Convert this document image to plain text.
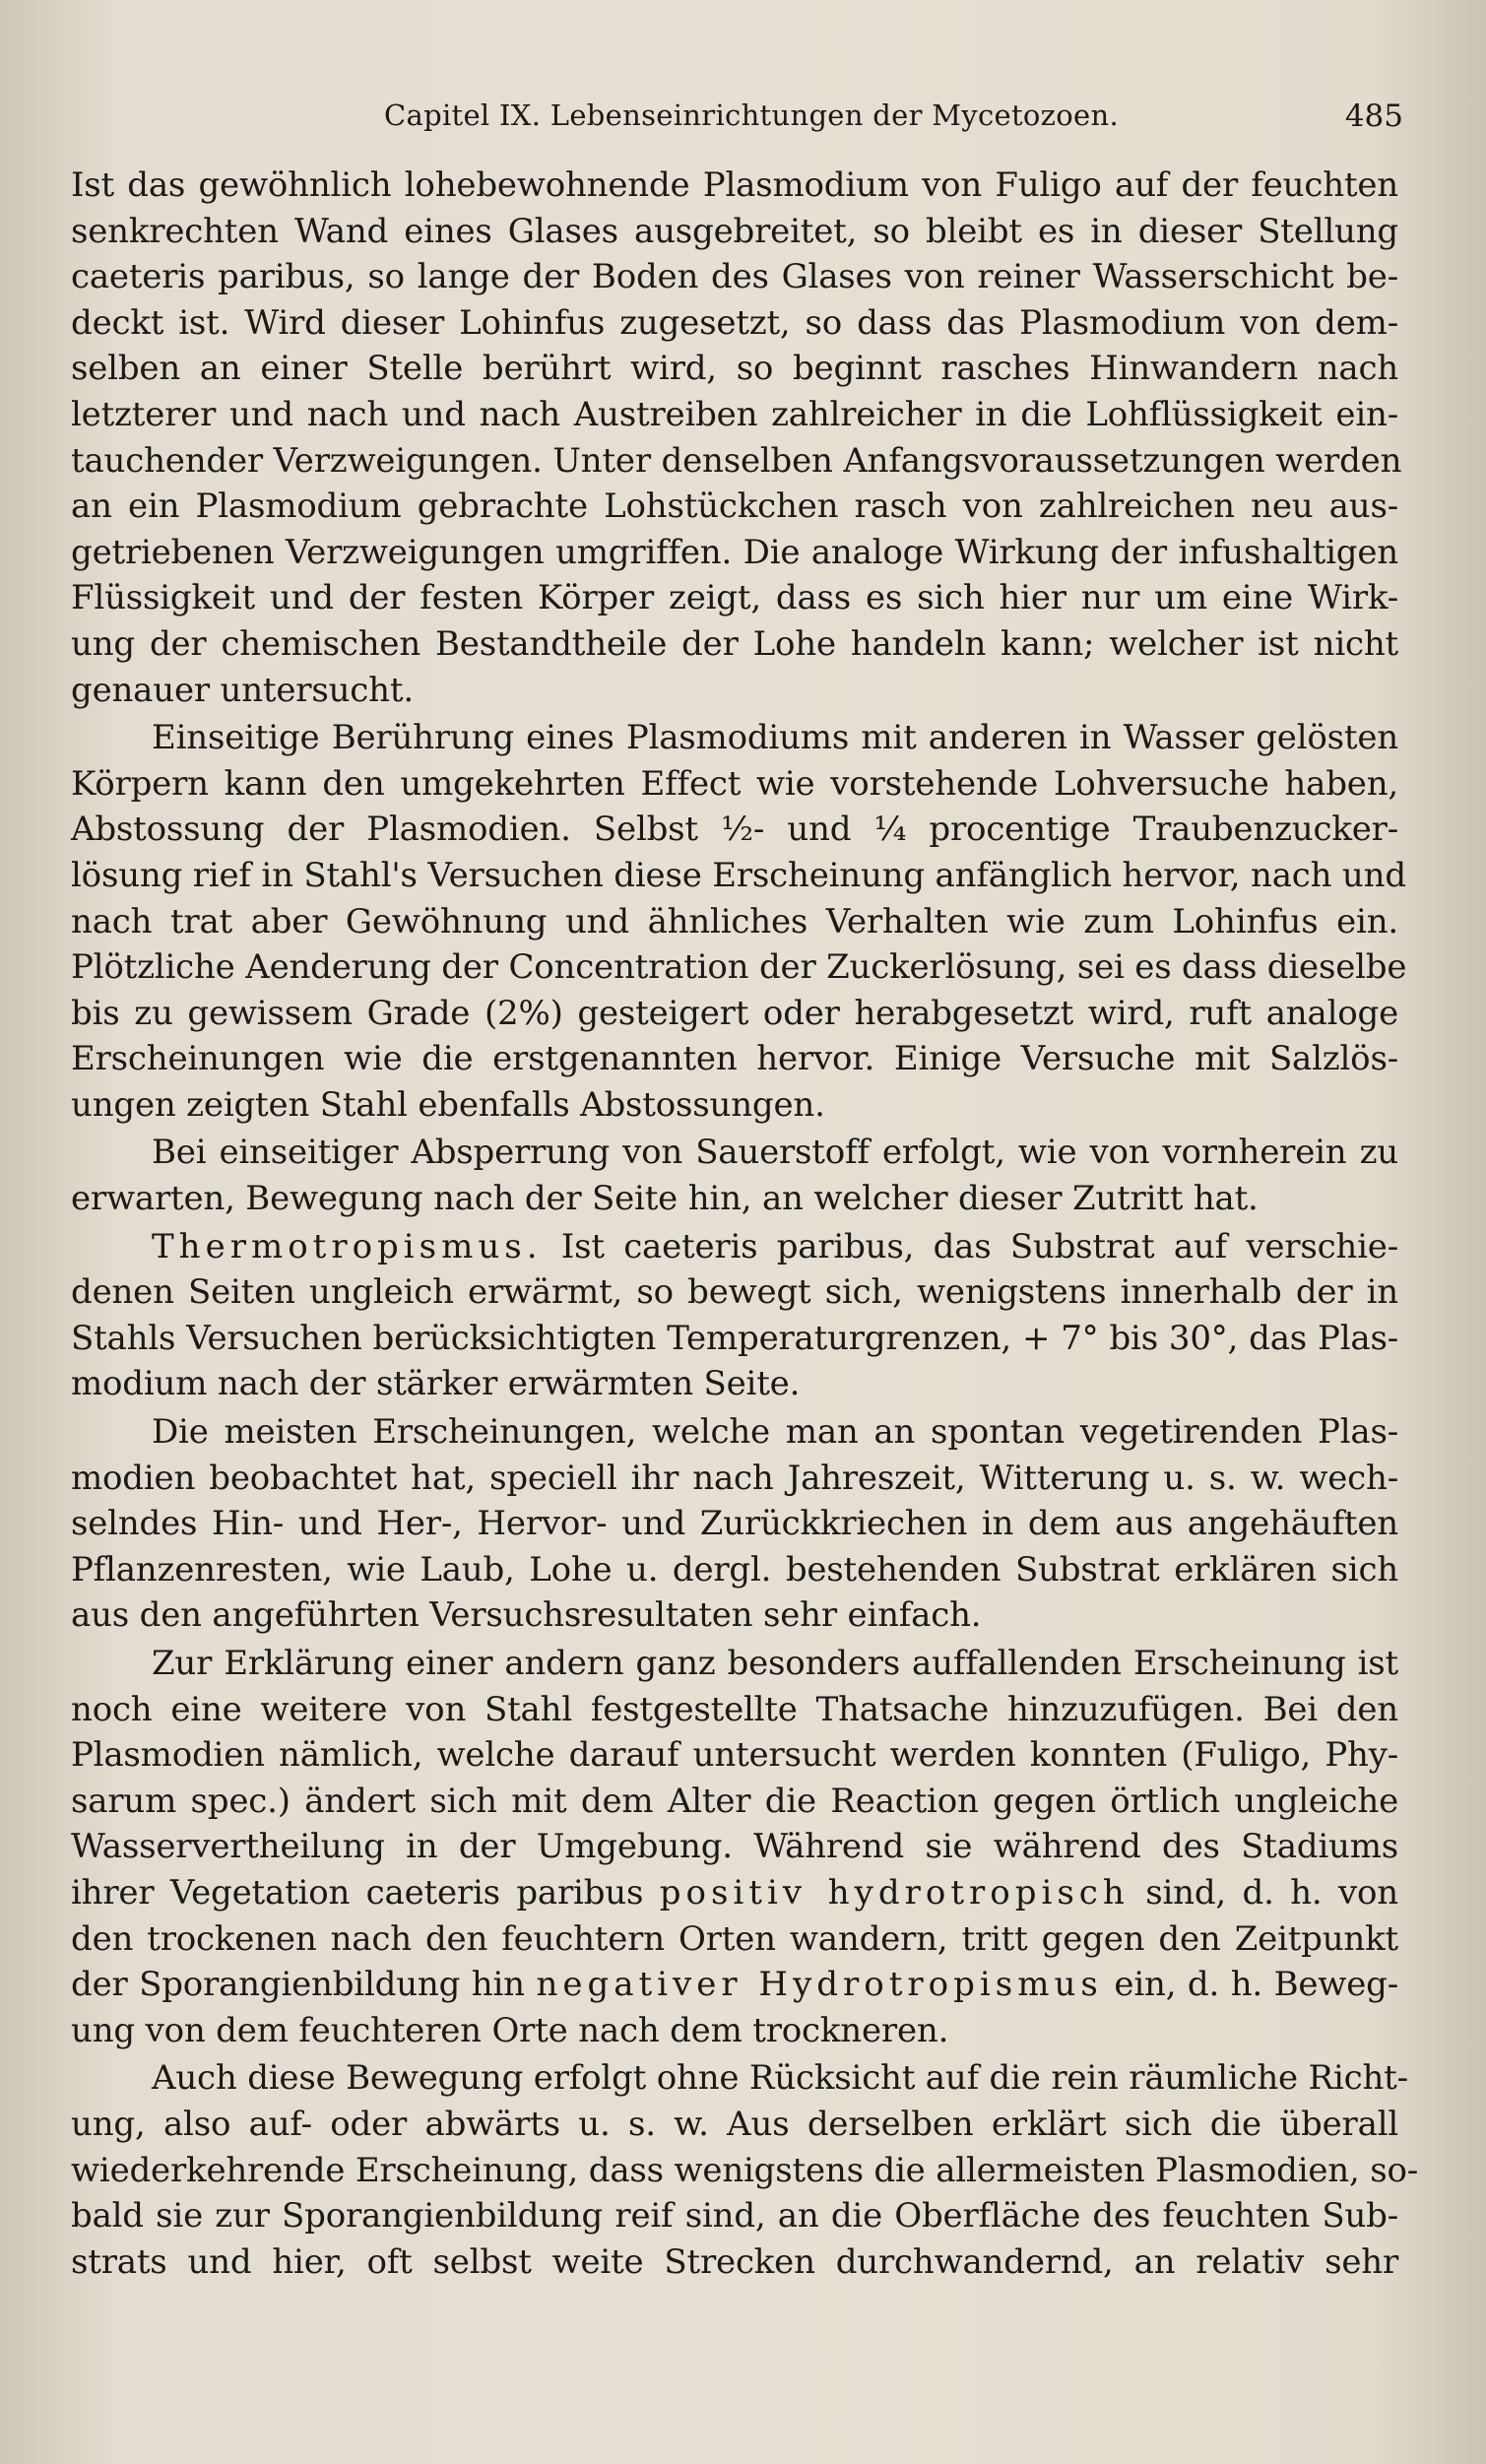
Capitel IX. Lebenseinrichtungen der Mycetozoen.	485
Ist das gewöhnlich lohebewohnende Plasmodium von Fuligo auf der feuchten
senkrechten Wand eines Glases ausgebreitet, so bleibt es in dieser Stellung
caeteris paribus, so lange der Boden des Glases von reiner Wasserschicht be-
deckt ist. Wird dieser Lohinfus zugesetzt, so dass das Plasmodium von dem-
selben an einer Stelle berührt wird, so beginnt rasches Hinwandern nach
letzterer und nach und nach Austreiben zahlreicher in die Lohflüssigkeit ein-
tauchender Verzweigungen. Unter denselben Anfangsvoraussetzungen werden
an ein Plasmodium gebrachte Lohstückchen rasch von zahlreichen neu aus-
getriebenen Verzweigungen umgriffen. Die analoge Wirkung der infushaltigen
Flüssigkeit und der festen Körper zeigt, dass es sich hier nur um eine Wirk-
ung der chemischen Bestandtheile der Lohe handeln kann; welcher ist nicht
genauer untersucht.
Einseitige Berührung eines Plasmodiums mit anderen in Wasser gelösten
Körpern kann den umgekehrten Effect wie vorstehende Lohversuche haben,
Abstossung der Plasmodien. Selbst ½- und ¼ procentige Traubenzucker-
lösung rief in Stahl's Versuchen diese Erscheinung anfänglich hervor, nach und
nach trat aber Gewöhnung und ähnliches Verhalten wie zum Lohinfus ein.
Plötzliche Aenderung der Concentration der Zuckerlösung, sei es dass dieselbe
bis zu gewissem Grade (2%) gesteigert oder herabgesetzt wird, ruft analoge
Erscheinungen wie die erstgenannten hervor. Einige Versuche mit Salzlös-
ungen zeigten Stahl ebenfalls Abstossungen.
Bei einseitiger Absperrung von Sauerstoff erfolgt, wie von vornherein zu
erwarten, Bewegung nach der Seite hin, an welcher dieser Zutritt hat.
Thermotropismus. Ist caeteris paribus, das Substrat auf verschie-
denen Seiten ungleich erwärmt, so bewegt sich, wenigstens innerhalb der in
Stahls Versuchen berücksichtigten Temperaturgrenzen, + 7° bis 30°, das Plas-
modium nach der stärker erwärmten Seite.
Die meisten Erscheinungen, welche man an spontan vegetirenden Plas-
modien beobachtet hat, speciell ihr nach Jahreszeit, Witterung u. s. w. wech-
selndes Hin- und Her-, Hervor- und Zurückkriechen in dem aus angehäuften
Pflanzenresten, wie Laub, Lohe u. dergl. bestehenden Substrat erklären sich
aus den angeführten Versuchsresultaten sehr einfach.
Zur Erklärung einer andern ganz besonders auffallenden Erscheinung ist
noch eine weitere von Stahl festgestellte Thatsache hinzuzufügen. Bei den
Plasmodien nämlich, welche darauf untersucht werden konnten (Fuligo, Phy-
sarum spec.) ändert sich mit dem Alter die Reaction gegen örtlich ungleiche
Wasservertheilung in der Umgebung. Während sie während des Stadiums
ihrer Vegetation caeteris paribus positiv hydrotropisch sind, d. h. von
den trockenen nach den feuchtern Orten wandern, tritt gegen den Zeitpunkt
der Sporangienbildung hin negativer Hydrotropismus ein, d. h. Beweg-
ung von dem feuchteren Orte nach dem trockneren.
Auch diese Bewegung erfolgt ohne Rücksicht auf die rein räumliche Richt-
ung, also auf- oder abwärts u. s. w. Aus derselben erklärt sich die überall
wiederkehrende Erscheinung, dass wenigstens die allermeisten Plasmodien, so-
bald sie zur Sporangienbildung reif sind, an die Oberfläche des feuchten Sub-
strats und hier, oft selbst weite Strecken durchwandernd, an relativ sehr
